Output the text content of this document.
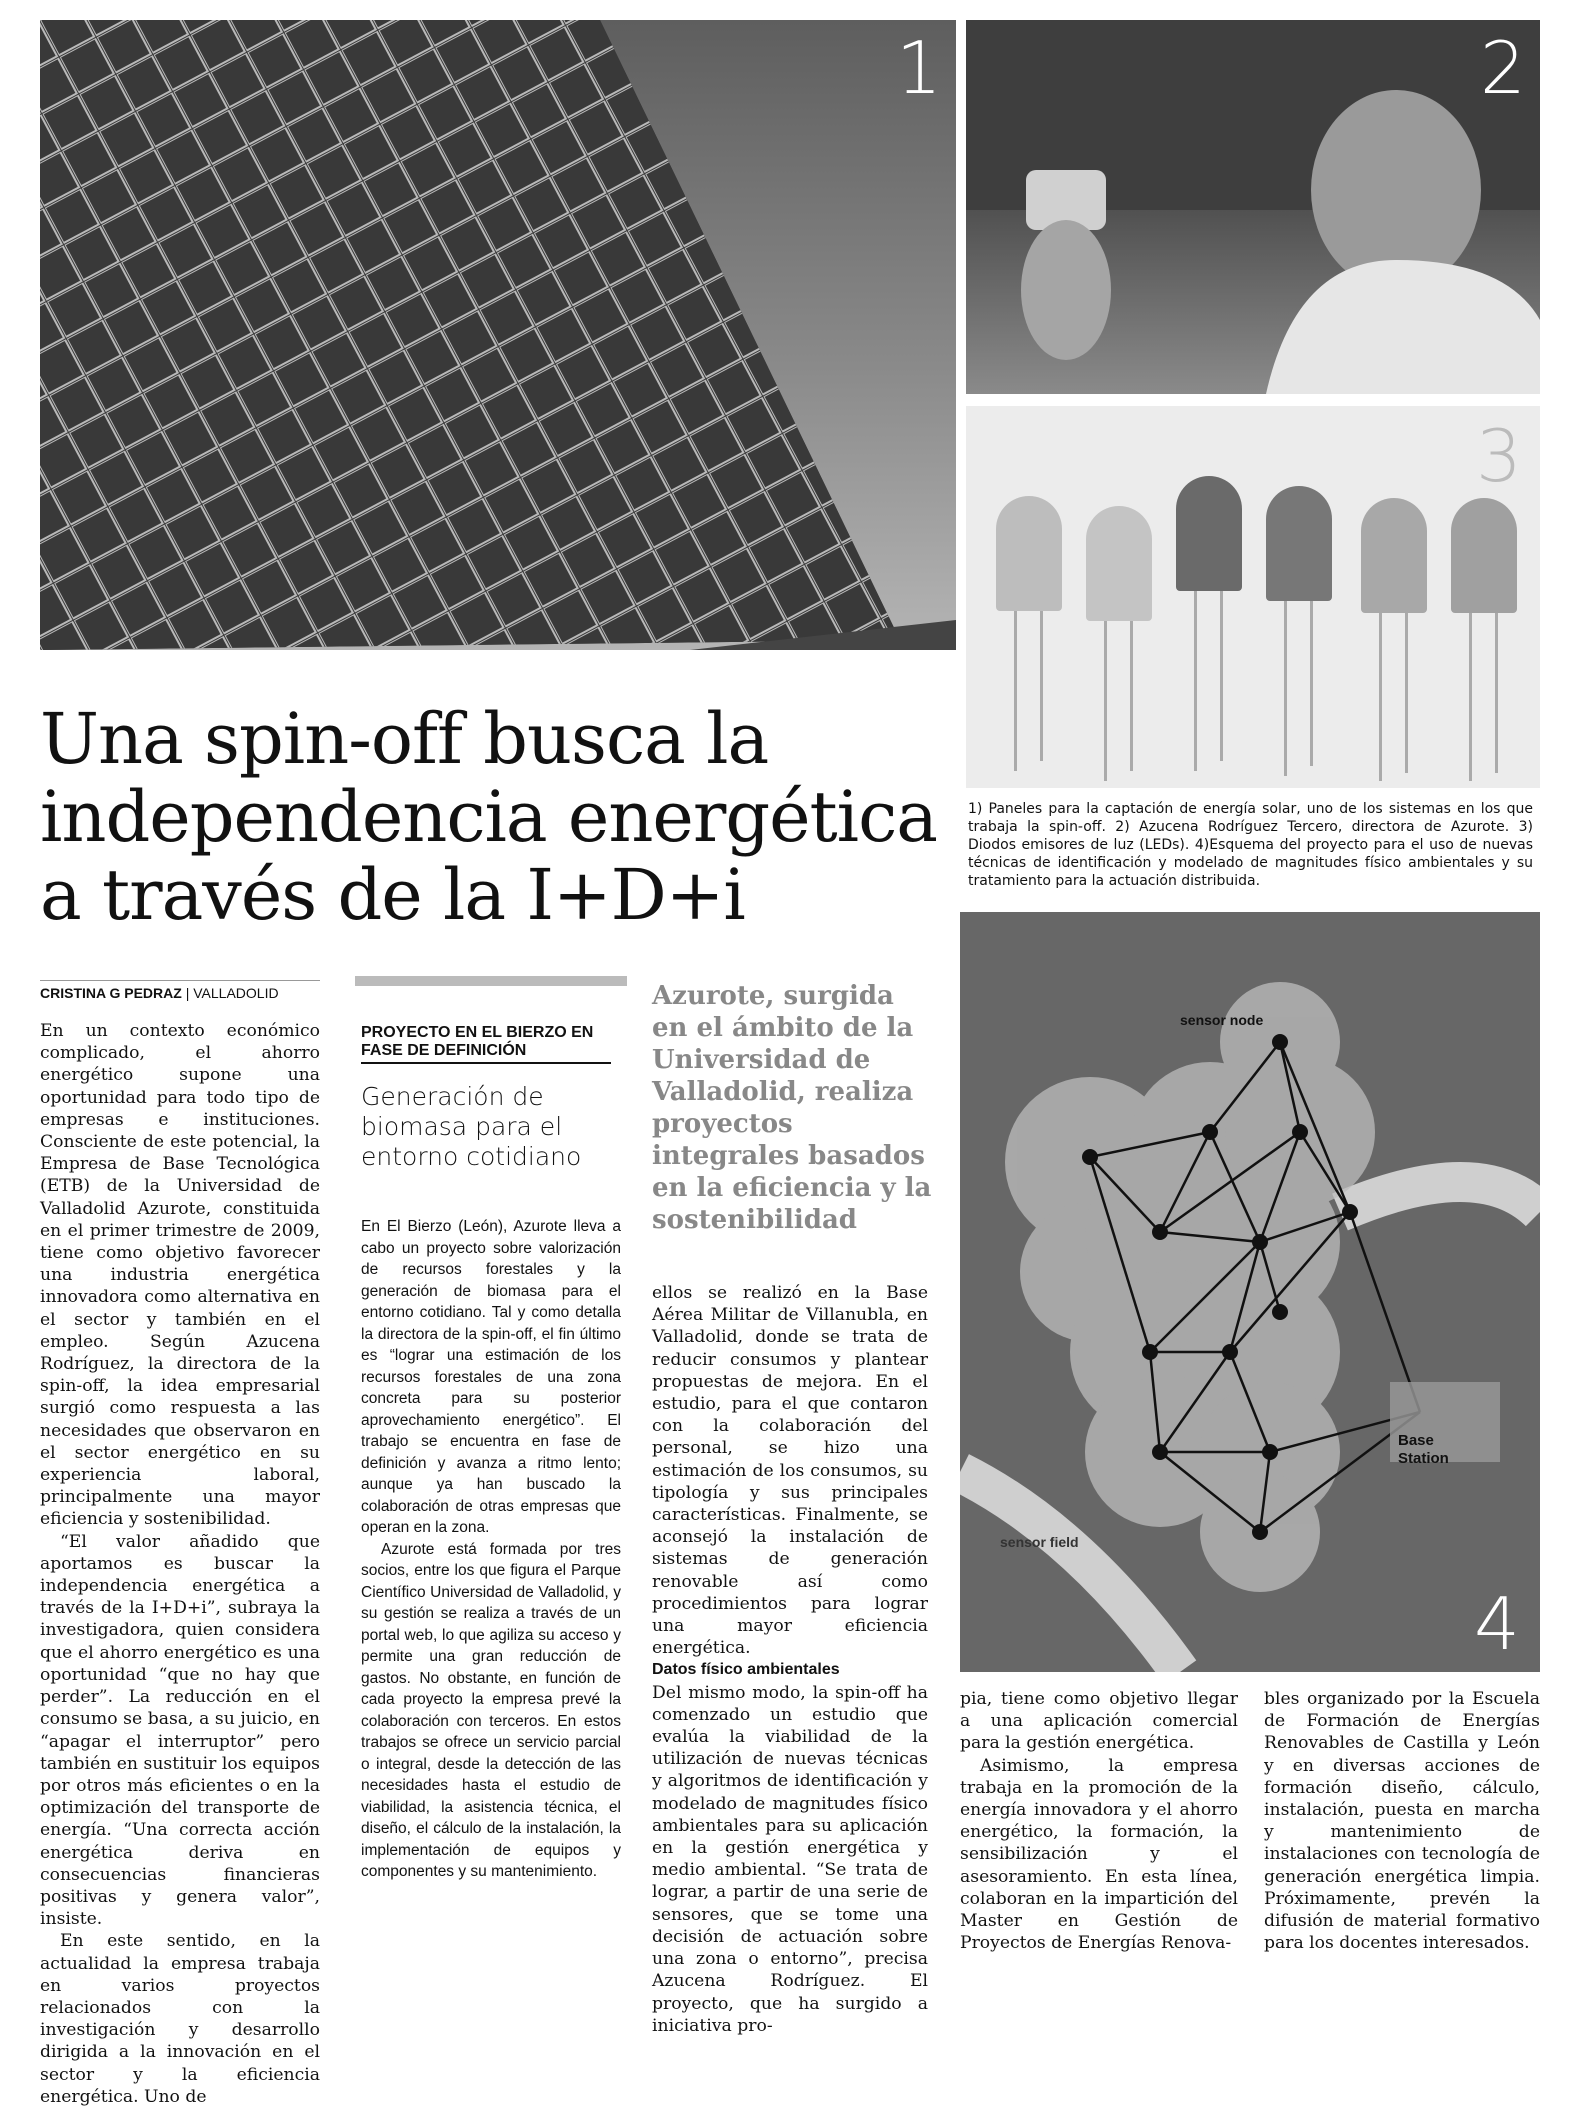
1	2
3
1) Paneles para la captación de energía solar, uno de los sistemas en los que trabaja la spin-off. 2) Azucena Rodríguez Tercero, directora de Azurote. 3) Diodos emisores de luz (LEDs). 4)Esquema del proyecto para el uso de nuevas técnicas de identificación y modelado de magnitudes físico ambientales y su tratamiento para la actuación distribuida.
sensor node
Base Station
sensor field
4
Una spin-off busca la independencia energética a través de la I+D+i
CRISTINA G PEDRAZ | VALLADOLID

En un contexto económico complicado, el ahorro energético supone una oportunidad para todo tipo de empresas e instituciones. Consciente de este potencial, la Empresa de Base Tecnológica (ETB) de la Universidad de Valladolid Azurote, constituida en el primer trimestre de 2009, tiene como objetivo favorecer una industria energética innovadora como alternativa en el sector y también en el empleo. Según Azucena Rodríguez, la directora de la spin-off, la idea empresarial surgió como respuesta a las necesidades que observaron en el sector energético en su experiencia laboral, principalmente una mayor eficiencia y sostenibilidad.

“El valor añadido que aportamos es buscar la independencia energética a través de la I+D+i”, subraya la investigadora, quien considera que el ahorro energético es una oportunidad “que no hay que perder”. La reducción en el consumo se basa, a su juicio, en “apagar el interruptor” pero también en sustituir los equipos por otros más eficientes o en la optimización del transporte de energía. “Una correcta acción energética deriva en consecuencias financieras positivas y genera valor”, insiste.

En este sentido, en la actualidad la empresa trabaja en varios proyectos relacionados con la investigación y desarrollo dirigida a la innovación en el sector y la eficiencia energética. Uno de

PROYECTO EN EL BIERZO EN FASE DE DEFINICIÓN
Generación de biomasa para el entorno cotidiano

En El Bierzo (León), Azurote lleva a cabo un proyecto sobre valorización de recursos forestales y la generación de biomasa para el entorno cotidiano. Tal y como detalla la directora de la spin-off, el fin último es “lograr una estimación de los recursos forestales de una zona concreta para su posterior aprovechamiento energético”. El trabajo se encuentra en fase de definición y avanza a ritmo lento; aunque ya han buscado la colaboración de otras empresas que operan en la zona.

Azurote está formada por tres socios, entre los que figura el Parque Científico Universidad de Valladolid, y su gestión se realiza a través de un portal web, lo que agiliza su acceso y permite una gran reducción de gastos. No obstante, en función de cada proyecto la empresa prevé la colaboración con terceros. En estos trabajos se ofrece un servicio parcial o integral, desde la detección de las necesidades hasta el estudio de viabilidad, la asistencia técnica, el diseño, el cálculo de la instalación, la implementación de equipos y componentes y su mantenimiento.

Azurote, surgida en el ámbito de la Universidad de Valladolid, realiza proyectos integrales basados en la eficiencia y la sostenibilidad

ellos se realizó en la Base Aérea Militar de Villanubla, en Valladolid, donde se trata de reducir consumos y plantear propuestas de mejora. En el estudio, para el que contaron con la colaboración del personal, se hizo una estimación de los consumos, su tipología y sus principales características. Finalmente, se aconsejó la instalación de sistemas de generación renovable así como procedimientos para lograr una mayor eficiencia energética.

Datos físico ambientales

Del mismo modo, la spin-off ha comenzado un estudio que evalúa la viabilidad de la utilización de nuevas técnicas y algoritmos de identificación y modelado de magnitudes físico ambientales para su aplicación en la gestión energética y medio ambiental. “Se trata de lograr, a partir de una serie de sensores, que se tome una decisión de actuación sobre una zona o entorno”, precisa Azucena Rodríguez. El proyecto, que ha surgido a iniciativa pro-

pia, tiene como objetivo llegar a una aplicación comercial para la gestión energética.

Asimismo, la empresa trabaja en la promoción de la energía innovadora y el ahorro energético, la formación, la sensibilización y el asesoramiento. En esta línea, colaboran en la impartición del Master en Gestión de Proyectos de Energías Renova-

bles organizado por la Escuela de Formación de Energías Renovables de Castilla y León y en diversas acciones de formación diseño, cálculo, instalación, puesta en marcha y mantenimiento de instalaciones con tecnología de generación energética limpia. Próximamente, prevén la difusión de material formativo para los docentes interesados.
